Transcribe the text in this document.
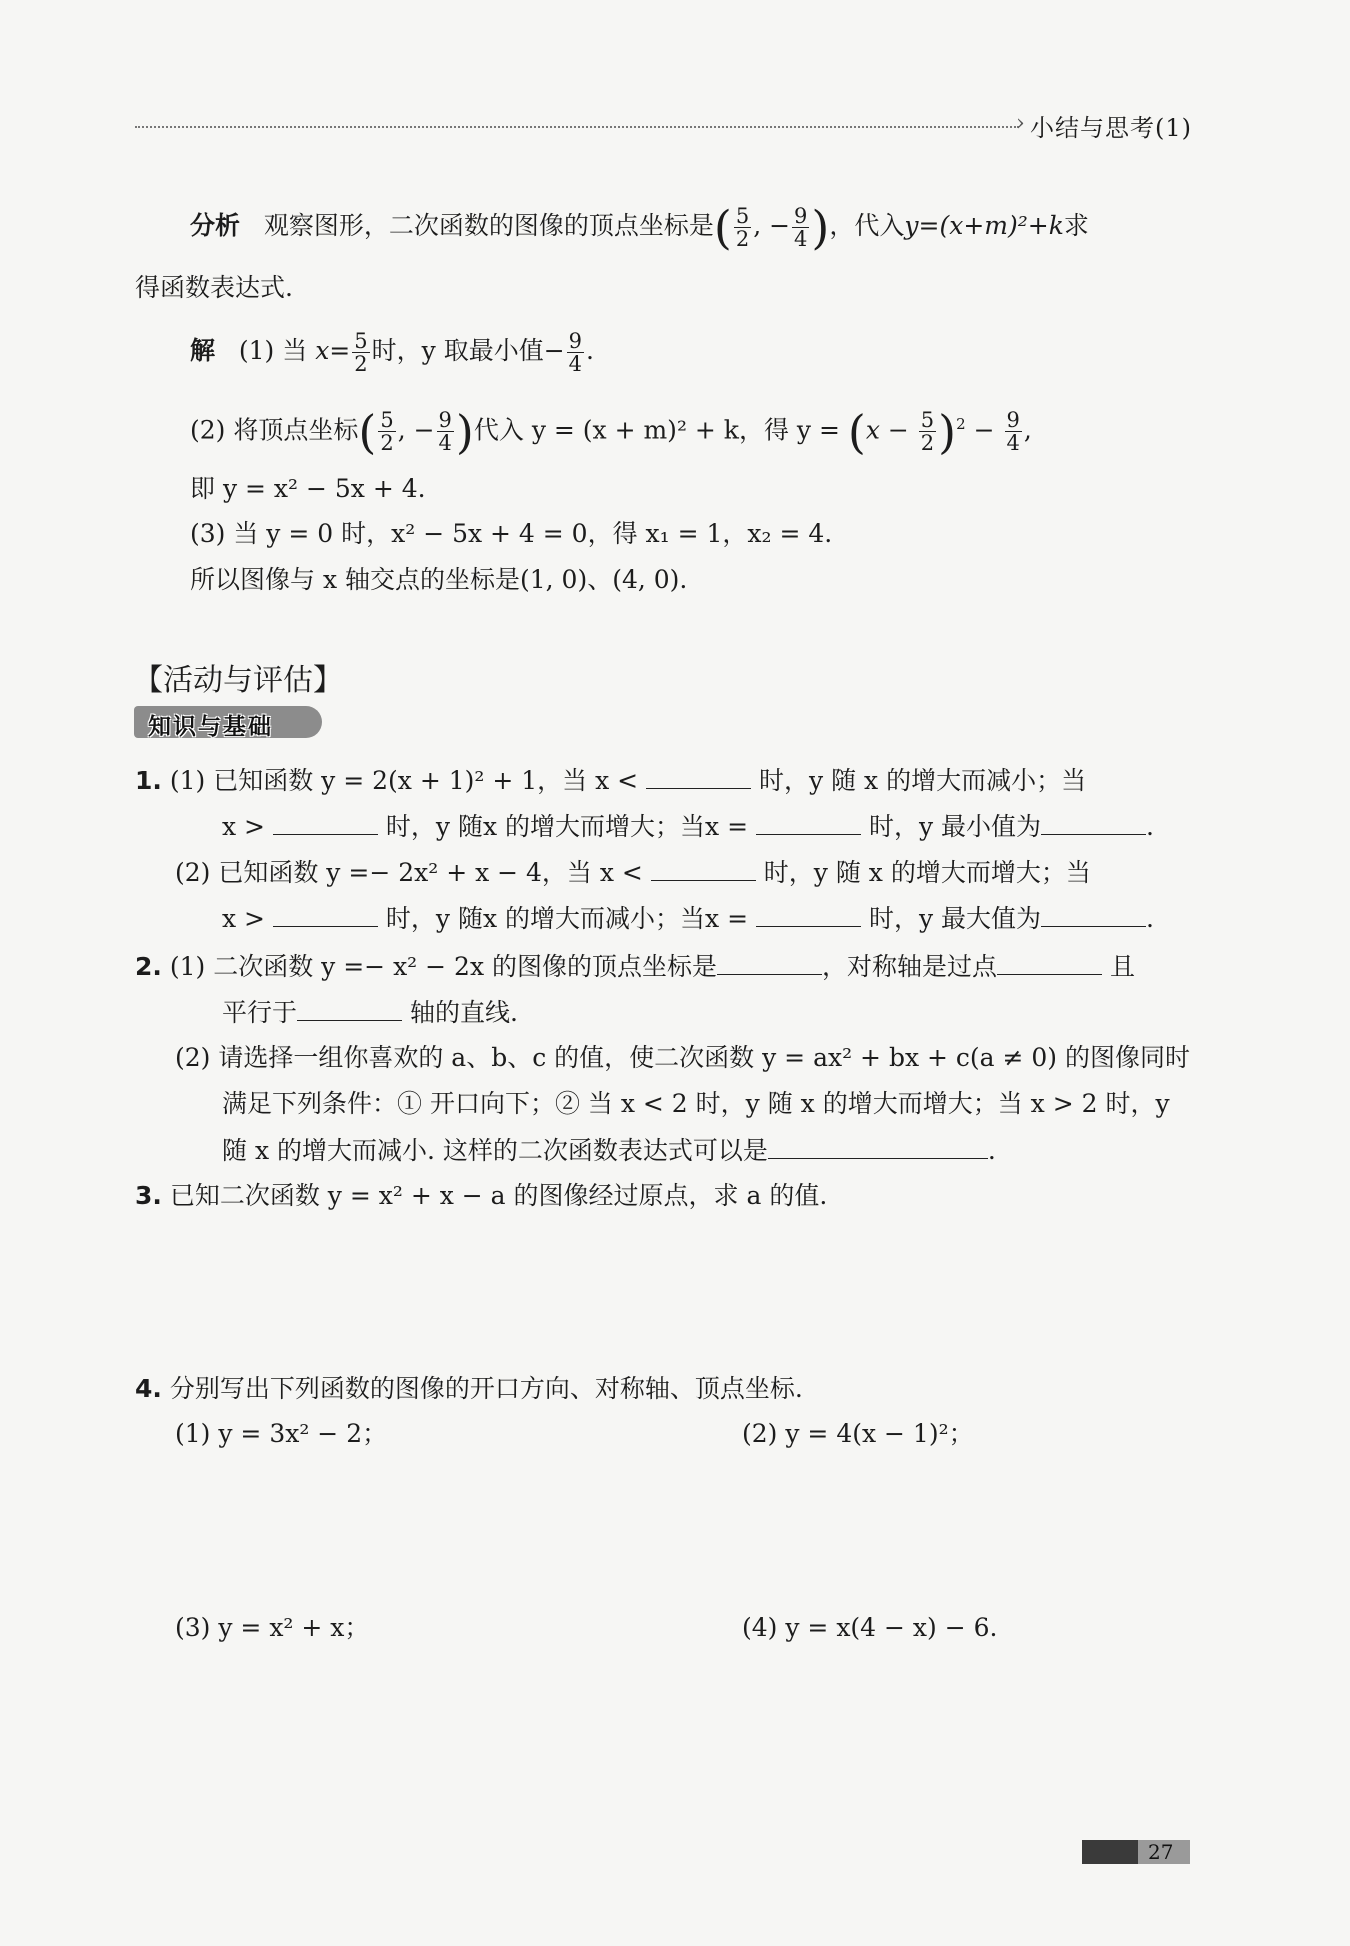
› 小结与思考(1)
分析 观察图形，二次函数的图像的顶点坐标是( $\frac{5}{2}$ , − $\frac{9}{4}$ )，代入y=(x+m)²+k求
得函数表达式.
解 (1) 当 $x= \frac{5}{2}$ 时，y 取最小值− $\frac{9}{4}$ .
(2) 将顶点坐标( $\frac{5}{2}$ , − $\frac{9}{4}$ )代入 y = (x + m)² + k，得 $y = (x - \frac{5}{2} )^2 - \frac{9}{4}$ ,
即 y = x² − 5x + 4.
(3) 当 y = 0 时，x² − 5x + 4 = 0，得 x₁ = 1，x₂ = 4.
所以图像与 x 轴交点的坐标是(1, 0)、(4, 0).
【活动与评估】
知识与基础
1. (1) 已知函数 y = 2(x + 1)² + 1，当 x <	时，y 随 x 的增大而减小；当
x >	时，y 随x 的增大而增大；当x =	时，y 最小值为	.
(2) 已知函数 y =− 2x² + x − 4，当 x <	时，y 随 x 的增大而增大；当
x >	时，y 随x 的增大而减小；当x =	时，y 最大值为	.
2. (1) 二次函数 y =− x² − 2x 的图像的顶点坐标是	，对称轴是过点	且
平行于	轴的直线.
(2) 请选择一组你喜欢的 a、b、c 的值，使二次函数 y = ax² + bx + c(a ≠ 0) 的图像同时
满足下列条件：① 开口向下；② 当 x < 2 时，y 随 x 的增大而增大；当 x > 2 时，y
随 x 的增大而减小. 这样的二次函数表达式可以是	.
3. 已知二次函数 y = x² + x − a 的图像经过原点，求 a 的值.
4. 分别写出下列函数的图像的开口方向、对称轴、顶点坐标.
(1) y = 3x² − 2；	(2) y = 4(x − 1)²；
(3) y = x² + x；	(4) y = x(4 − x) − 6.
27
